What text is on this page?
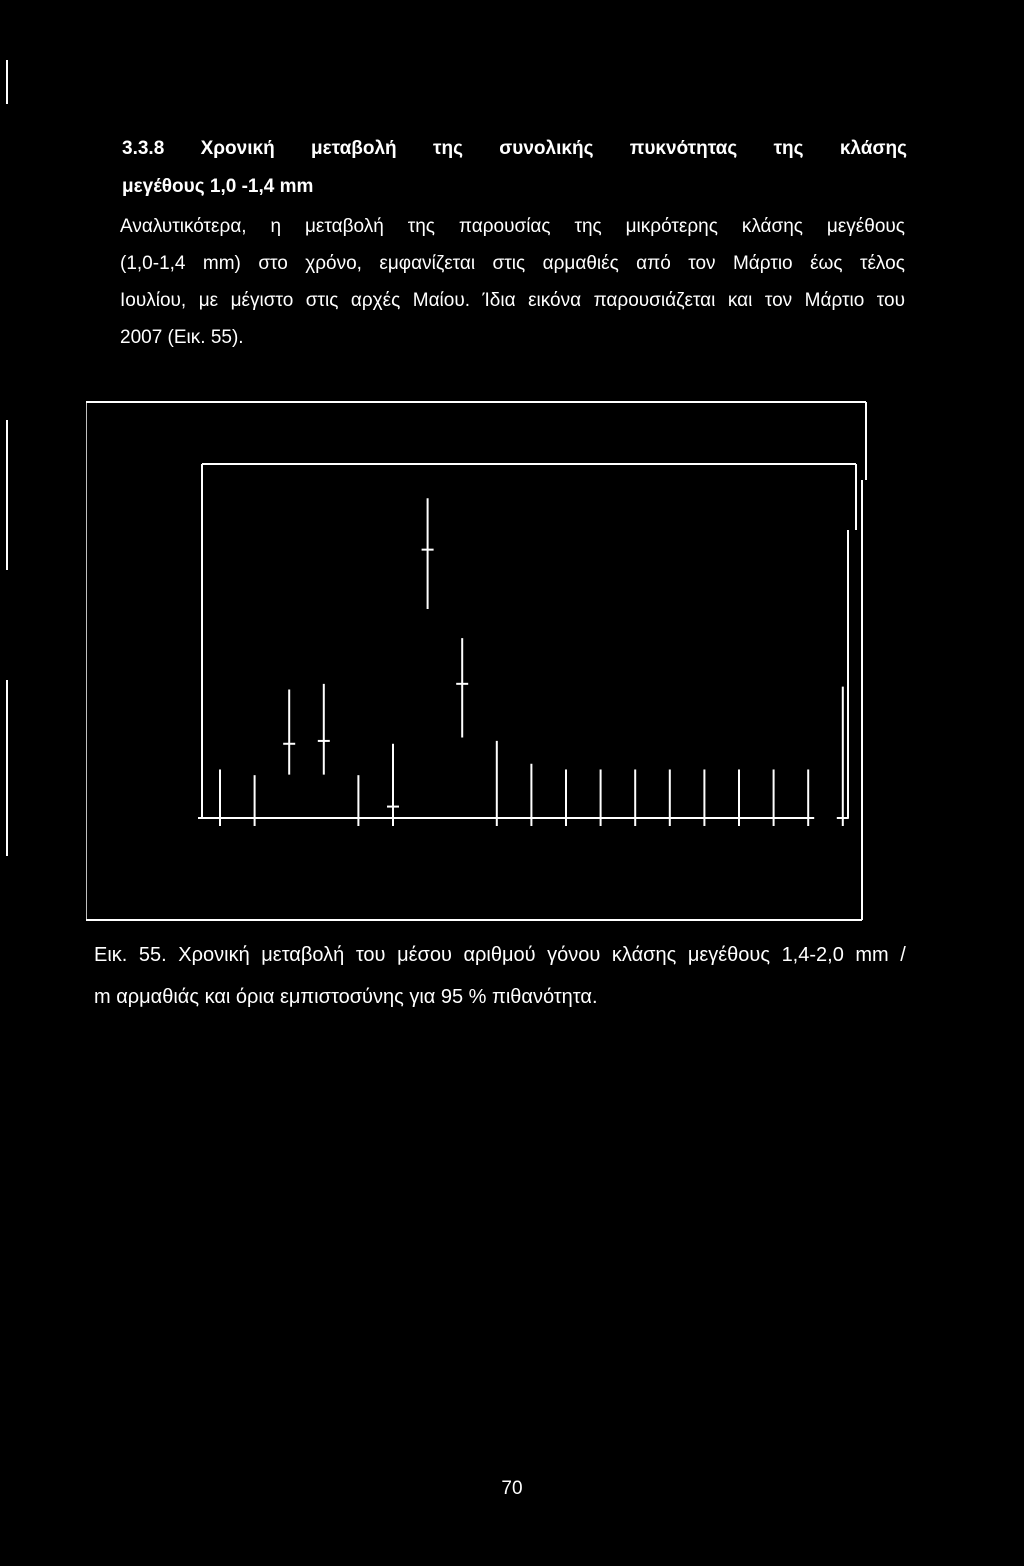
3.3.8 Χρονική μεταβολή της συνολικής πυκνότητας της κλάσης
μεγέθους 1,0 -1,4 mm
Αναλυτικότερα, η μεταβολή της παρουσίας της μικρότερης κλάσης μεγέθους
(1,0-1,4 mm) στο χρόνο, εμφανίζεται στις αρμαθιές από τον Μάρτιο έως τέλος
Ιουλίου, με μέγιστο στις αρχές Μαίου. Ίδια εικόνα παρουσιάζεται και τον Μάρτιο του
2007 (Εικ. 55).
Εικ. 55. Χρονική μεταβολή του μέσου αριθμού γόνου κλάσης μεγέθους 1,4-2,0 mm /
m αρμαθιάς και όρια εμπιστοσύνης για 95 % πιθανότητα.
70
